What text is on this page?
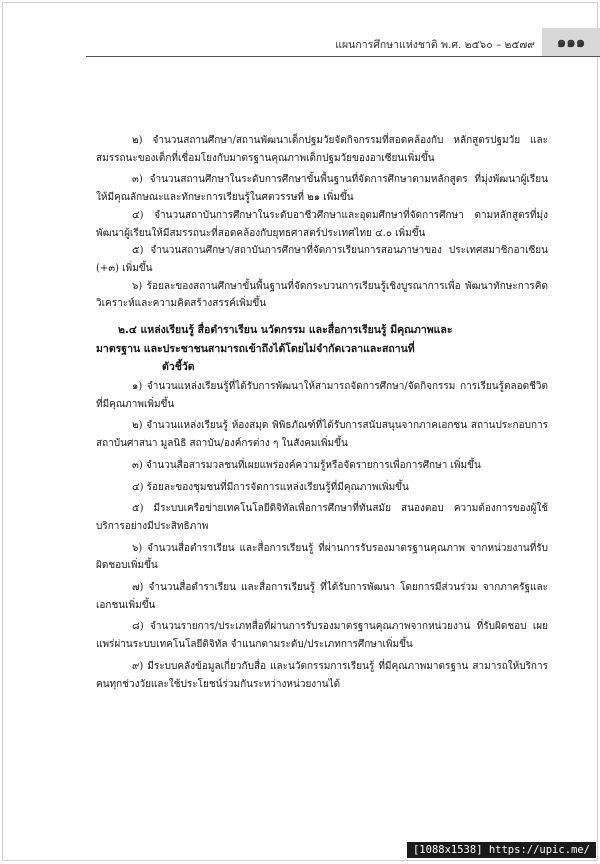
แผนการศึกษาแห่งชาติ พ.ศ. ๒๕๖๐ – ๒๕๗๙ ๑๑๑

๒) จำนวนสถานศึกษา/สถานพัฒนาเด็กปฐมวัยจัดกิจกรรมที่สอดคล้องกับ หลักสูตรปฐมวัย และสมรรถนะของเด็กที่เชื่อมโยงกับมาตรฐานคุณภาพเด็กปฐมวัยของอาเซียนเพิ่มขึ้น

๓) จำนวนสถานศึกษาในระดับการศึกษาขั้นพื้นฐานที่จัดการศึกษาตามหลักสูตร ที่มุ่งพัฒนาผู้เรียนให้มีคุณลักษณะและทักษะการเรียนรู้ในศตวรรษที่ ๒๑ เพิ่มขึ้น

๔) จำนวนสถาบันการศึกษาในระดับอาชีวศึกษาและอุดมศึกษาที่จัดการศึกษา ตามหลักสูตรที่มุ่งพัฒนาผู้เรียนให้มีสมรรถนะที่สอดคล้องกับยุทธศาสตร์ประเทศไทย ๔.๐ เพิ่มขึ้น

๕) จำนวนสถานศึกษา/สถาบันการศึกษาที่จัดการเรียนการสอนภาษาของ ประเทศสมาชิกอาเซียน (+๓) เพิ่มขึ้น

๖) ร้อยละของสถานศึกษาขั้นพื้นฐานที่จัดกระบวนการเรียนรู้เชิงบูรณาการเพื่อ พัฒนาทักษะการคิดวิเคราะห์และความคิดสร้างสรรค์เพิ่มขึ้น

๒.๔ แหล่งเรียนรู้ สื่อตำราเรียน นวัตกรรม และสื่อการเรียนรู้ มีคุณภาพและ

มาตรฐาน และประชาชนสามารถเข้าถึงได้โดยไม่จำกัดเวลาและสถานที่

ตัวชี้วัด

๑) จำนวนแหล่งเรียนรู้ที่ได้รับการพัฒนาให้สามารถจัดการศึกษา/จัดกิจกรรม การเรียนรู้ตลอดชีวิตที่มีคุณภาพเพิ่มขึ้น

๒) จำนวนแหล่งเรียนรู้ ห้องสมุด พิพิธภัณฑ์ที่ได้รับการสนับสนุนจากภาคเอกชน สถานประกอบการ สถาบันศาสนา มูลนิธิ สถาบัน/องค์กรต่าง ๆ ในสังคมเพิ่มขึ้น

๓) จำนวนสื่อสารมวลชนที่เผยแพร่องค์ความรู้หรือจัดรายการเพื่อการศึกษา เพิ่มขึ้น

๔) ร้อยละของชุมชนที่มีการจัดการแหล่งเรียนรู้ที่มีคุณภาพเพิ่มขึ้น

๕) มีระบบเครือข่ายเทคโนโลยีดิจิทัลเพื่อการศึกษาที่ทันสมัย สนองตอบ ความต้องการของผู้ใช้บริการอย่างมีประสิทธิภาพ

๖) จำนวนสื่อตำราเรียน และสื่อการเรียนรู้ ที่ผ่านการรับรองมาตรฐานคุณภาพ จากหน่วยงานที่รับผิดชอบเพิ่มขึ้น

๗) จำนวนสื่อตำราเรียน และสื่อการเรียนรู้ ที่ได้รับการพัฒนา โดยการมีส่วนร่วม จากภาครัฐและเอกชนเพิ่มขึ้น

๘) จำนวนรายการ/ประเภทสื่อที่ผ่านการรับรองมาตรฐานคุณภาพจากหน่วยงาน ที่รับผิดชอบ เผยแพร่ผ่านระบบเทคโนโลยีดิจิทัล จำแนกตามระดับ/ประเภทการศึกษาเพิ่มขึ้น

๙) มีระบบคลังข้อมูลเกี่ยวกับสื่อ และนวัตกรรมการเรียนรู้ ที่มีคุณภาพมาตรฐาน สามารถให้บริการคนทุกช่วงวัยและใช้ประโยชน์ร่วมกันระหว่างหน่วยงานได้

[1088x1538] https://upic.me/
